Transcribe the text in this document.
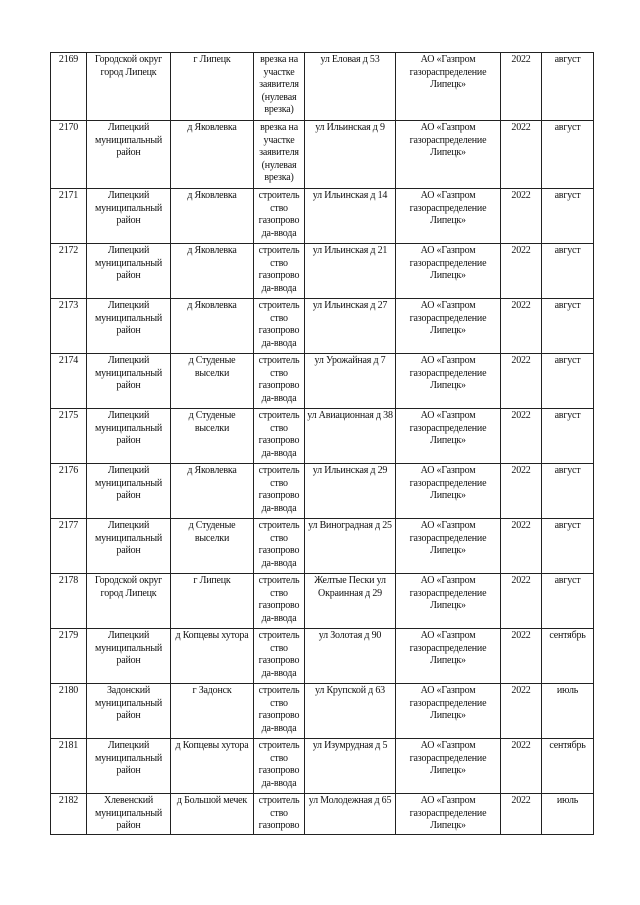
2169	Городской округ город Липецк	г Липецк	врезка на участке заявителя (нулевая врезка)	ул Еловая д 53	АО «Газпром газораспределение Липецк»	2022	август
2170	Липецкий муниципальный район	д Яковлевка	врезка на участке заявителя (нулевая врезка)	ул Ильинская д 9	АО «Газпром газораспределение Липецк»	2022	август
2171	Липецкий муниципальный район	д Яковлевка	строитель ство газопрово да-ввода	ул Ильинская д 14	АО «Газпром газораспределение Липецк»	2022	август
2172	Липецкий муниципальный район	д Яковлевка	строитель ство газопрово да-ввода	ул Ильинская д 21	АО «Газпром газораспределение Липецк»	2022	август
2173	Липецкий муниципальный район	д Яковлевка	строитель ство газопрово да-ввода	ул Ильинская д 27	АО «Газпром газораспределение Липецк»	2022	август
2174	Липецкий муниципальный район	д Студеные выселки	строитель ство газопрово да-ввода	ул Урожайная д 7	АО «Газпром газораспределение Липецк»	2022	август
2175	Липецкий муниципальный район	д Студеные выселки	строитель ство газопрово да-ввода	ул Авиационная д 38	АО «Газпром газораспределение Липецк»	2022	август
2176	Липецкий муниципальный район	д Яковлевка	строитель ство газопрово да-ввода	ул Ильинская д 29	АО «Газпром газораспределение Липецк»	2022	август
2177	Липецкий муниципальный район	д Студеные выселки	строитель ство газопрово да-ввода	ул Виноградная д 25	АО «Газпром газораспределение Липецк»	2022	август
2178	Городской округ город Липецк	г Липецк	строитель ство газопрово да-ввода	Желтые Пески ул Окраинная д 29	АО «Газпром газораспределение Липецк»	2022	август
2179	Липецкий муниципальный район	д Копцевы хутора	строитель ство газопрово да-ввода	ул Золотая д 90	АО «Газпром газораспределение Липецк»	2022	сентябрь
2180	Задонский муниципальный район	г Задонск	строитель ство газопрово да-ввода	ул Крупской д 63	АО «Газпром газораспределение Липецк»	2022	июль
2181	Липецкий муниципальный район	д Копцевы хутора	строитель ство газопрово да-ввода	ул Изумрудная д 5	АО «Газпром газораспределение Липецк»	2022	сентябрь
2182	Хлевенский муниципальный район	д Большой мечек	строитель ство газопрово	ул Молодежная д 65	АО «Газпром газораспределение Липецк»	2022	июль
